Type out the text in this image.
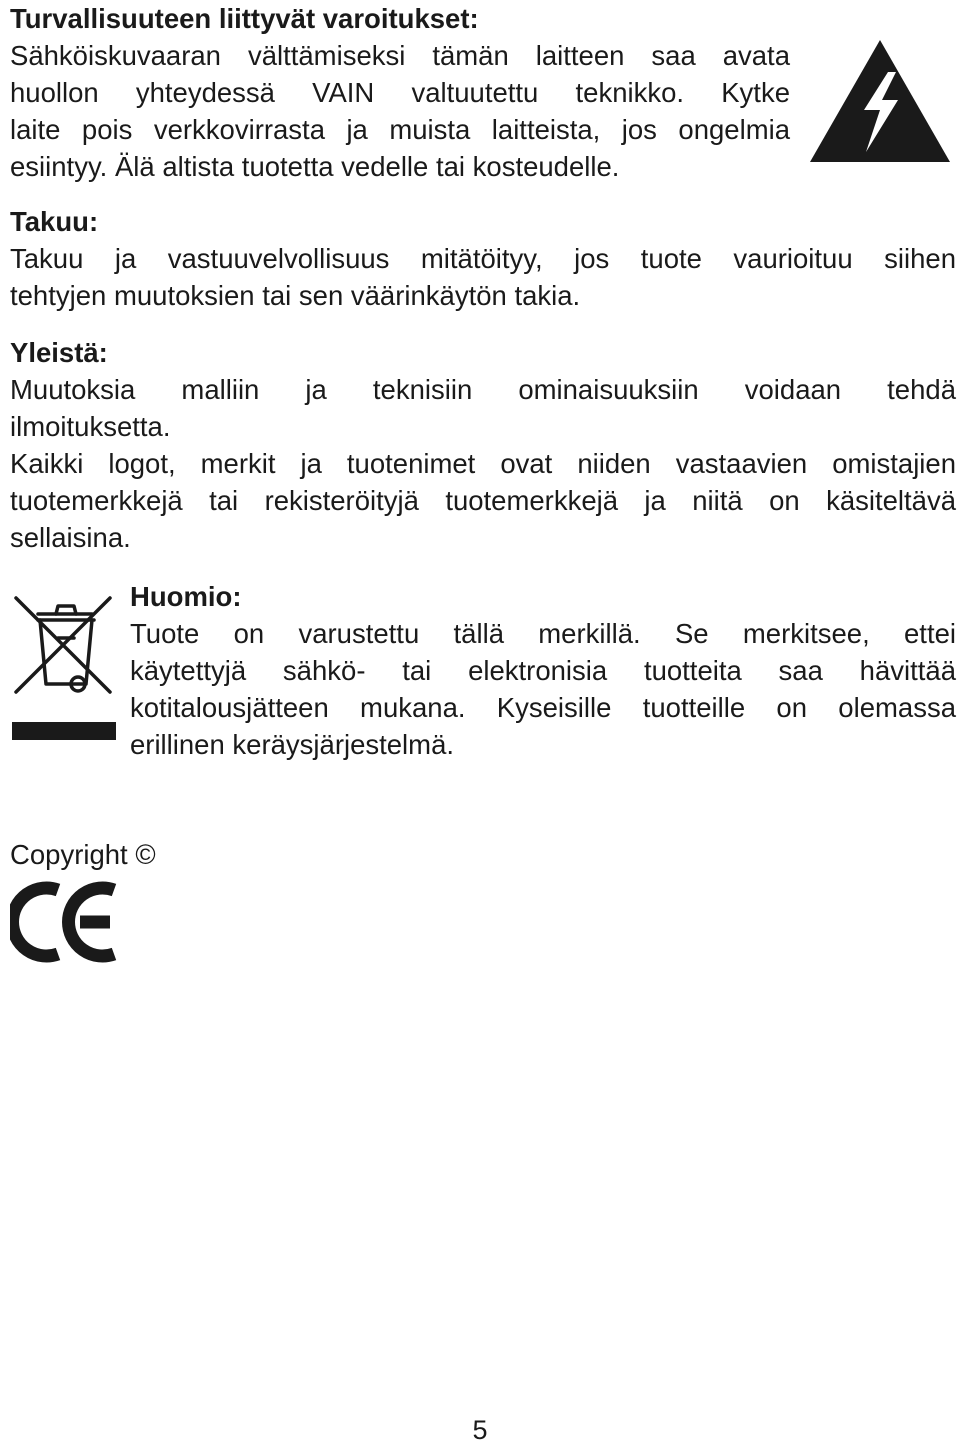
Turvallisuuteen liittyvät varoitukset:
Sähköiskuvaaran välttämiseksi tämän laitteen saa avata
huollon yhteydessä VAIN valtuutettu teknikko. Kytke
laite pois verkkovirrasta ja muista laitteista, jos ongelmia
esiintyy. Älä altista tuotetta vedelle tai kosteudelle.
Takuu:
Takuu ja vastuuvelvollisuus mitätöityy, jos tuote vaurioituu siihen
tehtyjen muutoksien tai sen väärinkäytön takia.
Yleistä:
Muutoksia malliin ja teknisiin ominaisuuksiin voidaan tehdä
ilmoituksetta.
Kaikki logot, merkit ja tuotenimet ovat niiden vastaavien omistajien
tuotemerkkejä tai rekisteröityjä tuotemerkkejä ja niitä on käsiteltävä
sellaisina.
Huomio:
Tuote on varustettu tällä merkillä. Se merkitsee, ettei
käytettyjä sähkö- tai elektronisia tuotteita saa hävittää
kotitalousjätteen mukana. Kyseisille tuotteille on olemassa
erillinen keräysjärjestelmä.
Copyright ©
5
